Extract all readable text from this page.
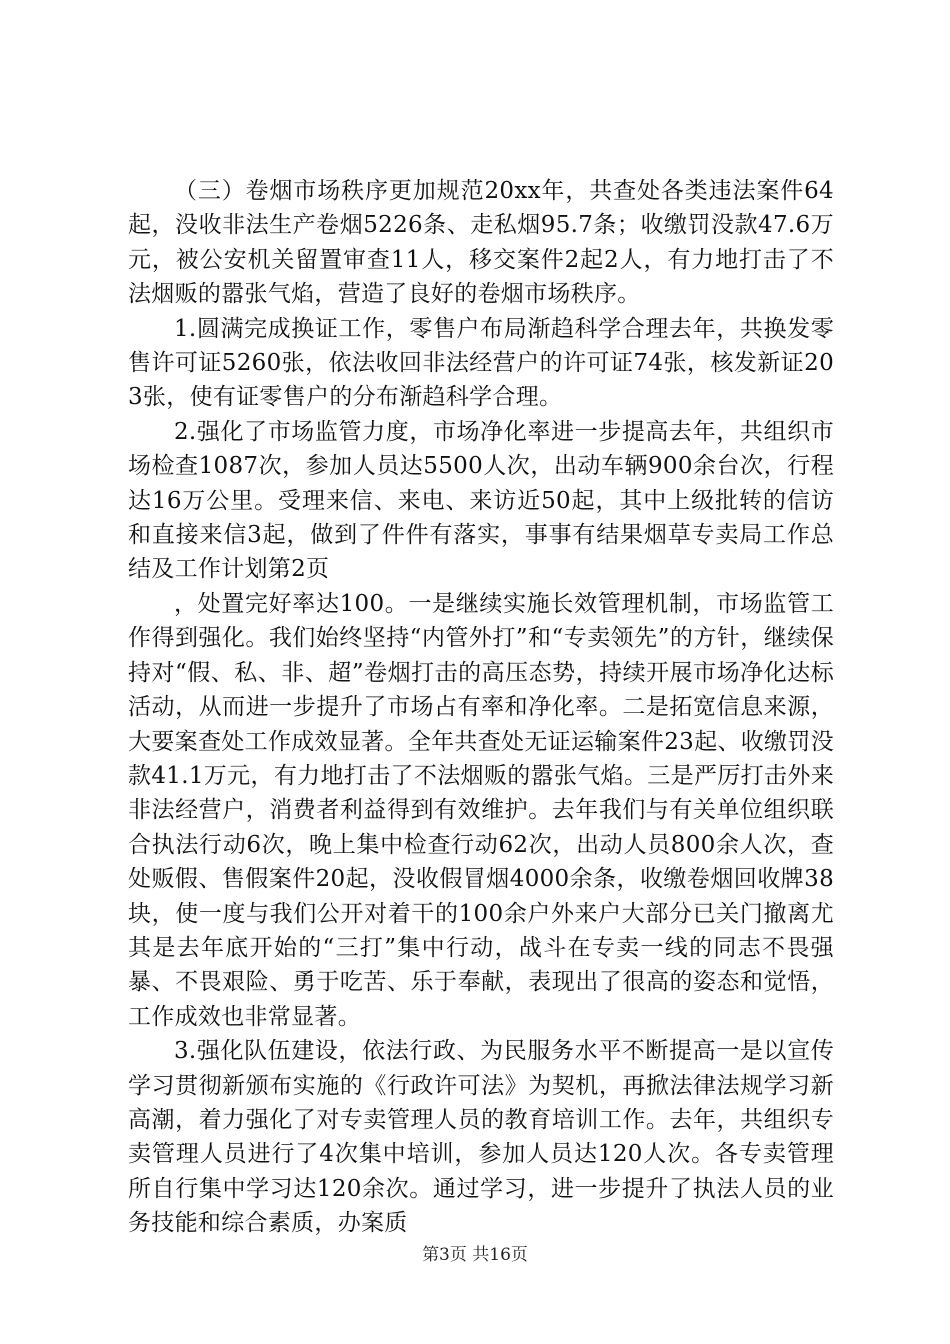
（三）卷烟市场秩序更加规范20xx年，共查处各类违法案件64起，没收非法生产卷烟5226条、走私烟95.7条；收缴罚没款47.6万元，被公安机关留置审查11人，移交案件2起2人，有力地打击了不法烟贩的嚣张气焰，营造了良好的卷烟市场秩序。

1.圆满完成换证工作，零售户布局渐趋科学合理去年，共换发零售许可证5260张，依法收回非法经营户的许可证74张，核发新证203张，使有证零售户的分布渐趋科学合理。

2.强化了市场监管力度，市场净化率进一步提高去年，共组织市场检查1087次，参加人员达5500人次，出动车辆900余台次，行程达16万公里。受理来信、来电、来访近50起，其中上级批转的信访和直接来信3起，做到了件件有落实，事事有结果烟草专卖局工作总结及工作计划第2页

，处置完好率达100。一是继续实施长效管理机制，市场监管工作得到强化。我们始终坚持“内管外打”和“专卖领先”的方针，继续保持对“假、私、非、超”卷烟打击的高压态势，持续开展市场净化达标活动，从而进一步提升了市场占有率和净化率。二是拓宽信息来源，大要案查处工作成效显著。全年共查处无证运输案件23起、收缴罚没款41.1万元，有力地打击了不法烟贩的嚣张气焰。三是严厉打击外来非法经营户，消费者利益得到有效维护。去年我们与有关单位组织联合执法行动6次，晚上集中检查行动62次，出动人员800余人次，查处贩假、售假案件20起，没收假冒烟4000余条，收缴卷烟回收牌38块，使一度与我们公开对着干的100余户外来户大部分已关门撤离尤其是去年底开始的“三打”集中行动，战斗在专卖一线的同志不畏强暴、不畏艰险、勇于吃苦、乐于奉献，表现出了很高的姿态和觉悟，工作成效也非常显著。

3.强化队伍建设，依法行政、为民服务水平不断提高一是以宣传学习贯彻新颁布实施的《行政许可法》为契机，再掀法律法规学习新高潮，着力强化了对专卖管理人员的教育培训工作。去年，共组织专卖管理人员进行了4次集中培训，参加人员达120人次。各专卖管理所自行集中学习达120余次。通过学习，进一步提升了执法人员的业务技能和综合素质，办案质

第3页 共16页
